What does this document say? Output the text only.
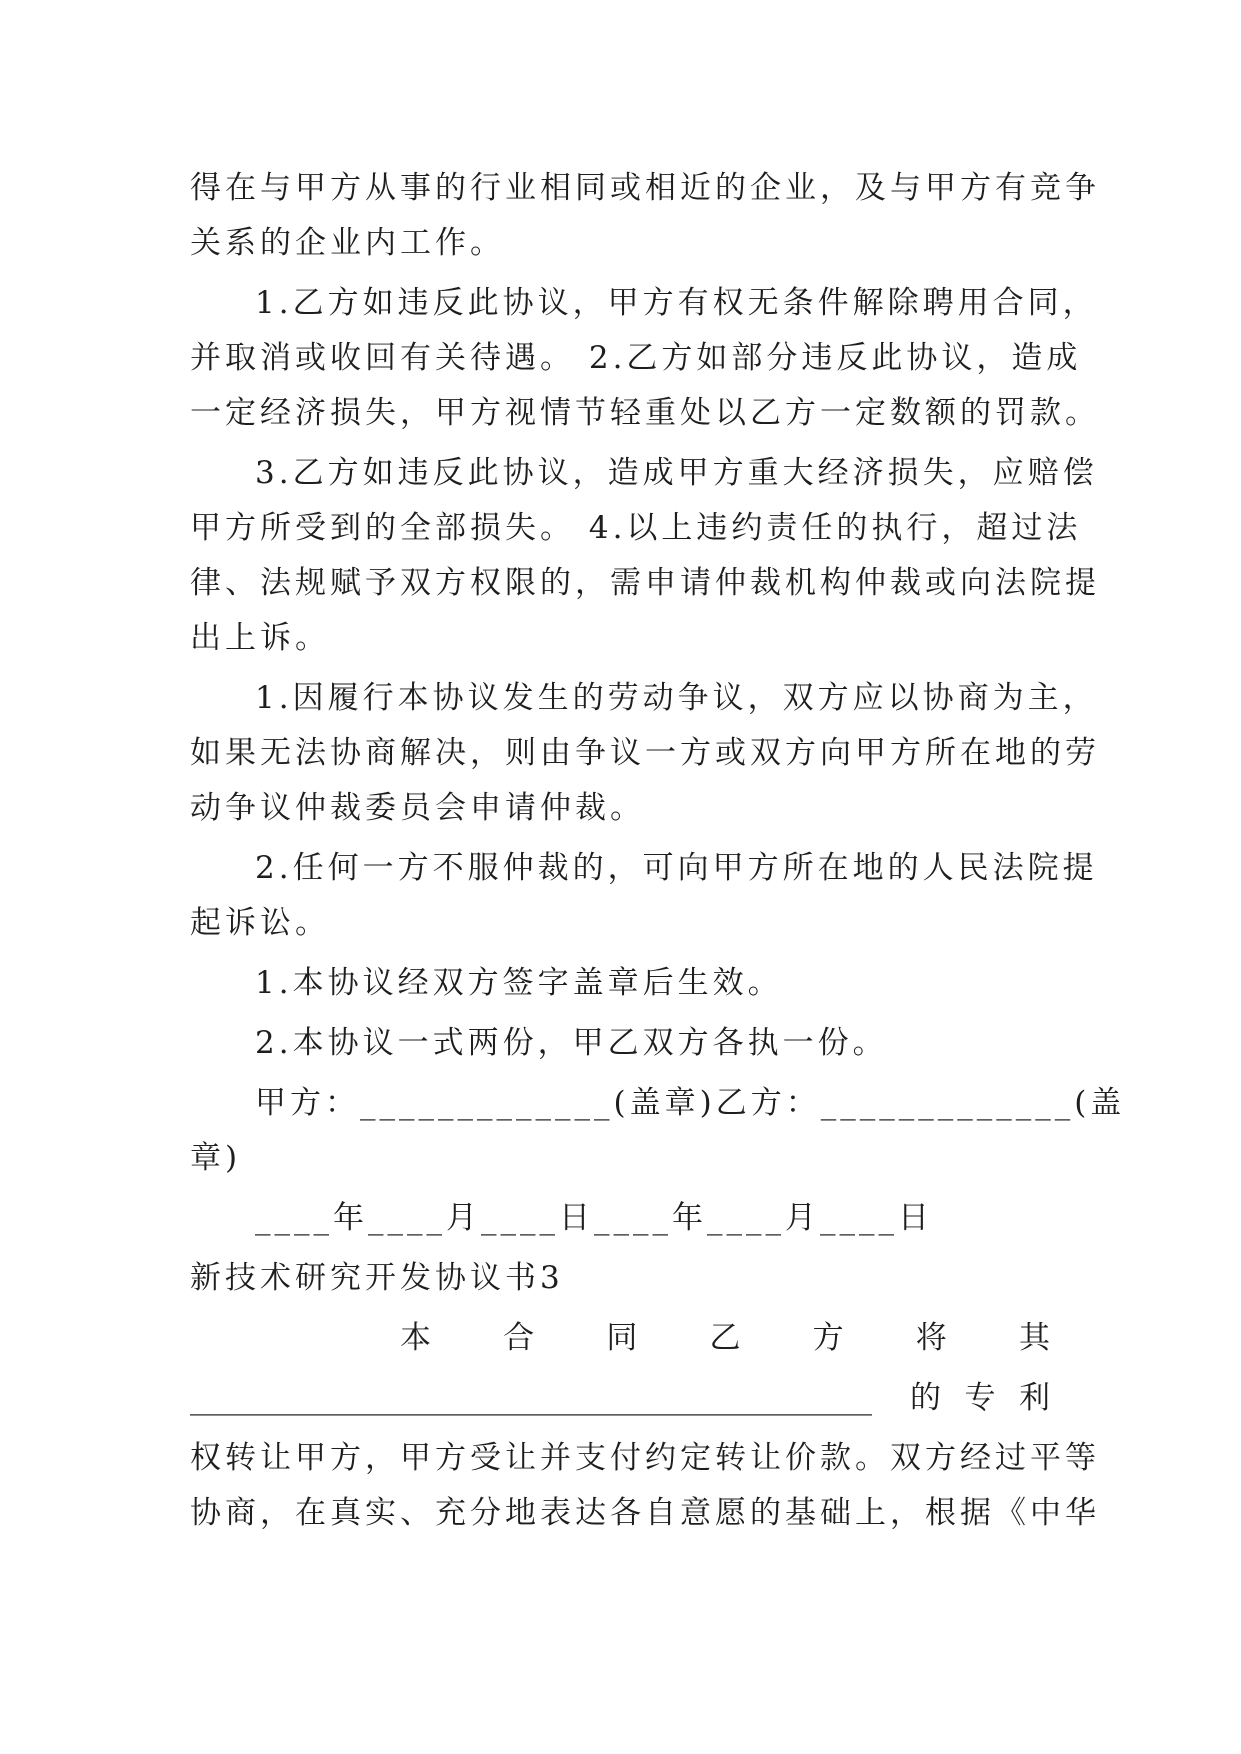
得在与甲方从事的行业相同或相近的企业，及与甲方有竞争
关系的企业内工作。
1.乙方如违反此协议，甲方有权无条件解除聘用合同，
并取消或收回有关待遇。 2.乙方如部分违反此协议，造成
一定经济损失，甲方视情节轻重处以乙方一定数额的罚款。
3.乙方如违反此协议，造成甲方重大经济损失，应赔偿
甲方所受到的全部损失。 4.以上违约责任的执行，超过法
律、法规赋予双方权限的，需申请仲裁机构仲裁或向法院提
出上诉。
1.因履行本协议发生的劳动争议，双方应以协商为主，
如果无法协商解决，则由争议一方或双方向甲方所在地的劳
动争议仲裁委员会申请仲裁。
2.任何一方不服仲裁的，可向甲方所在地的人民法院提
起诉讼。
1.本协议经双方签字盖章后生效。
2.本协议一式两份，甲乙双方各执一份。
甲方：_____________(盖章)乙方：_____________(盖
章)
____年____月____日____年____月____日
新技术研究开发协议书3
本 合 同 乙 方 将 其
____________________________________________	的 专 利
权转让甲方，甲方受让并支付约定转让价款。双方经过平等
协商，在真实、充分地表达各自意愿的基础上，根据《中华
